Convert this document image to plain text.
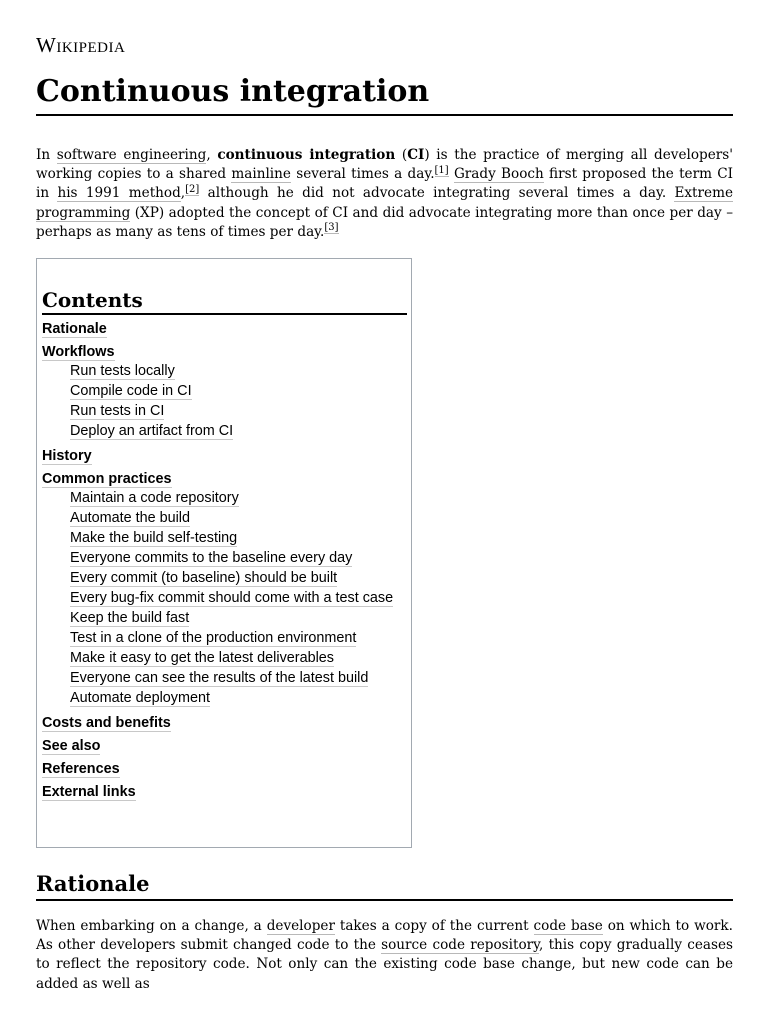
Wikipedia
Continuous integration

In software engineering, continuous integration (CI) is the practice of merging all developers' working copies to a shared mainline several times a day.[1] Grady Booch first proposed the term CI in his 1991 method,[2] although he did not advocate integrating several times a day. Extreme programming (XP) adopted the concept of CI and did advocate integrating more than once per day – perhaps as many as tens of times per day.[3]

Contents
Rationale
Workflows
Run tests locally
Compile code in CI
Run tests in CI
Deploy an artifact from CI
History
Common practices
Maintain a code repository
Automate the build
Make the build self-testing
Everyone commits to the baseline every day
Every commit (to baseline) should be built
Every bug-fix commit should come with a test case
Keep the build fast
Test in a clone of the production environment
Make it easy to get the latest deliverables
Everyone can see the results of the latest build
Automate deployment
Costs and benefits
See also
References
External links
Rationale

When embarking on a change, a developer takes a copy of the current code base on which to work. As other developers submit changed code to the source code repository, this copy gradually ceases to reflect the repository code. Not only can the existing code base change, but new code can be added as well as
